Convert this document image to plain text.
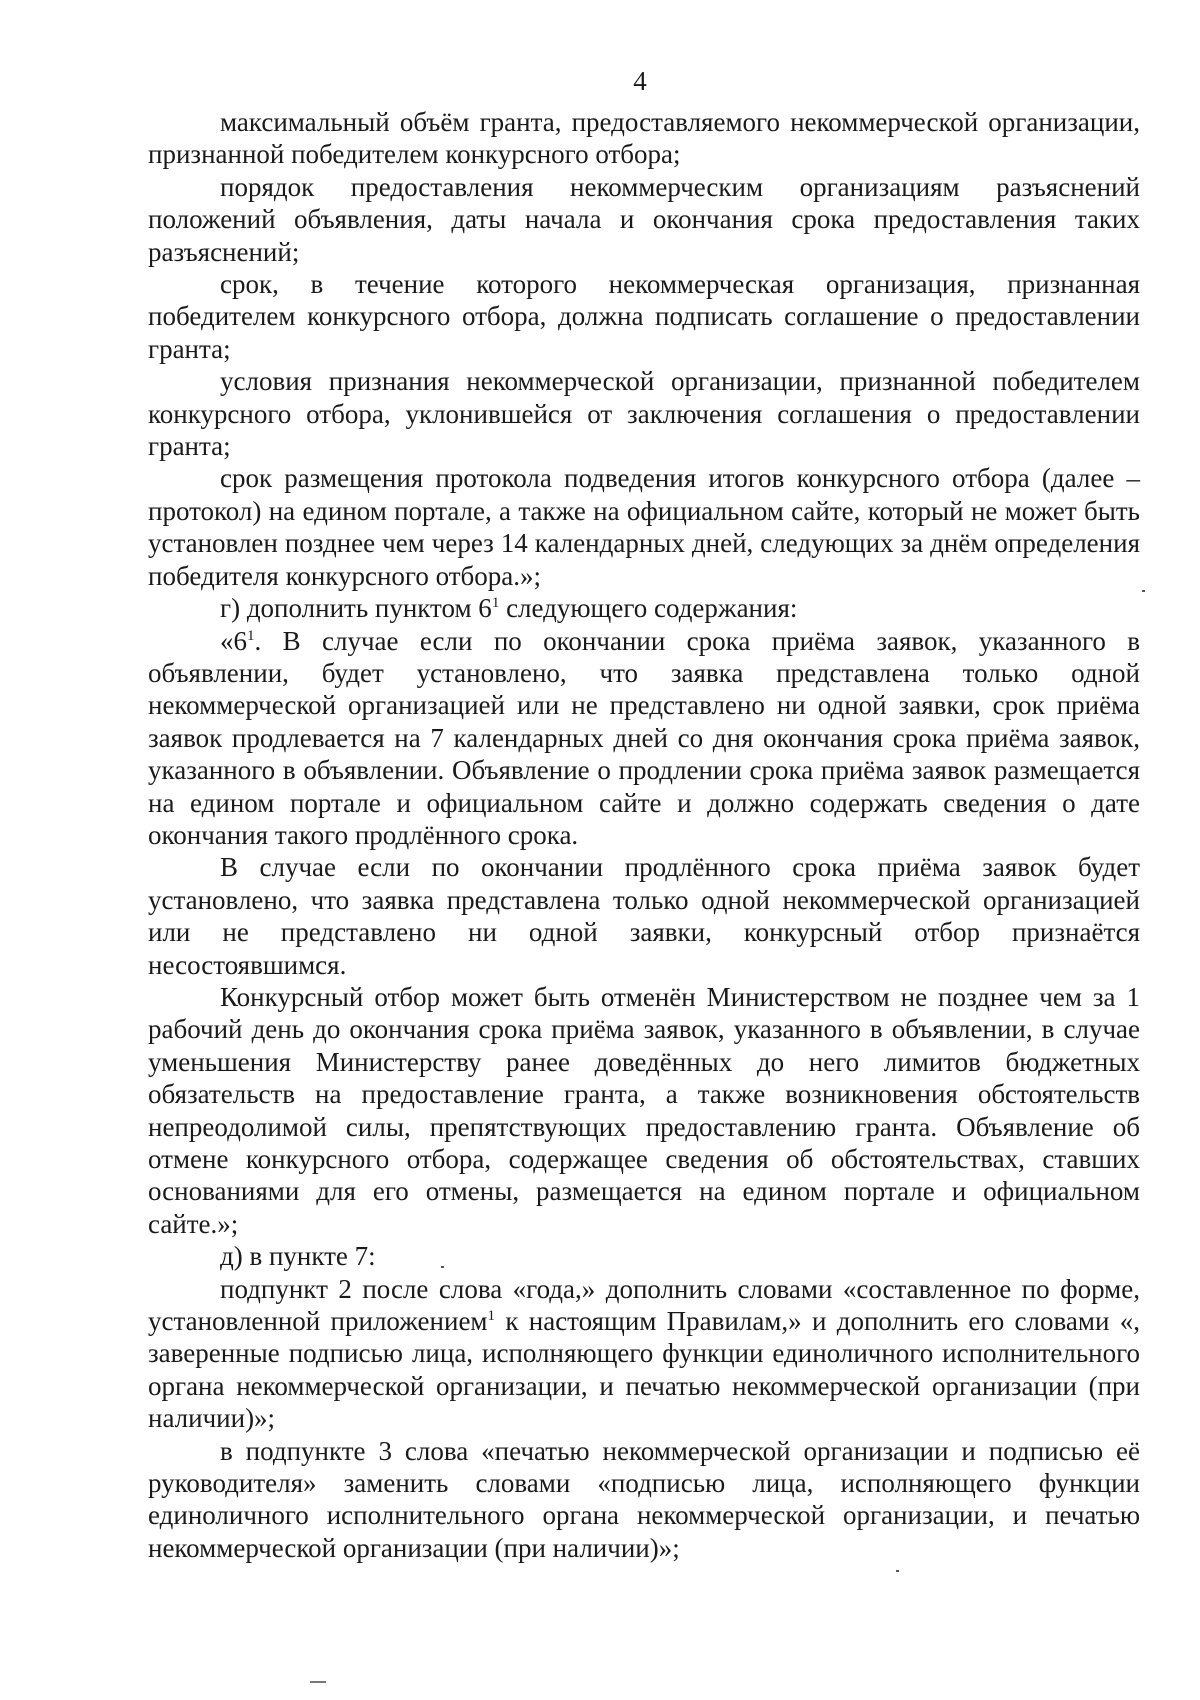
4

максимальный объём гранта, предоставляемого некоммерческой организации, признанной победителем конкурсного отбора;

порядок предоставления некоммерческим организациям разъяснений положений объявления, даты начала и окончания срока предоставления таких разъяснений;

срок, в течение которого некоммерческая организация, признанная победителем конкурсного отбора, должна подписать соглашение о предоставлении гранта;

условия признания некоммерческой организации, признанной победителем конкурсного отбора, уклонившейся от заключения соглашения о предоставлении гранта;

срок размещения протокола подведения итогов конкурсного отбора (далее – протокол) на едином портале, а также на официальном сайте, который не может быть установлен позднее чем через 14 календарных дней, следующих за днём определения победителя конкурсного отбора.»;

г) дополнить пунктом $6^1$ следующего содержания:

«$6^1$. В случае если по окончании срока приёма заявок, указанного в объявлении, будет установлено, что заявка представлена только одной некоммерческой организацией или не представлено ни одной заявки, срок приёма заявок продлевается на 7 календарных дней со дня окончания срока приёма заявок, указанного в объявлении. Объявление о продлении срока приёма заявок размещается на едином портале и официальном сайте и должно содержать сведения о дате окончания такого продлённого срока.

В случае если по окончании продлённого срока приёма заявок будет установлено, что заявка представлена только одной некоммерческой организацией или не представлено ни одной заявки, конкурсный отбор признаётся несостоявшимся.

Конкурсный отбор может быть отменён Министерством не позднее чем за 1 рабочий день до окончания срока приёма заявок, указанного в объявлении, в случае уменьшения Министерству ранее доведённых до него лимитов бюджетных обязательств на предоставление гранта, а также возникновения обстоятельств непреодолимой силы, препятствующих предоставлению гранта. Объявление об отмене конкурсного отбора, содержащее сведения об обстоятельствах, ставших основаниями для его отмены, размещается на едином портале и официальном сайте.»;

д) в пункте 7:

подпункт 2 после слова «года,» дополнить словами «составленное по форме, установленной приложением$^1$ к настоящим Правилам,» и дополнить его словами «, заверенные подписью лица, исполняющего функции единоличного исполнительного органа некоммерческой организации, и печатью некоммерческой организации (при наличии)»;

в подпункте 3 слова «печатью некоммерческой организации и подписью её руководителя» заменить словами «подписью лица, исполняющего функции единоличного исполнительного органа некоммерческой организации, и печатью некоммерческой организации (при наличии)»;
